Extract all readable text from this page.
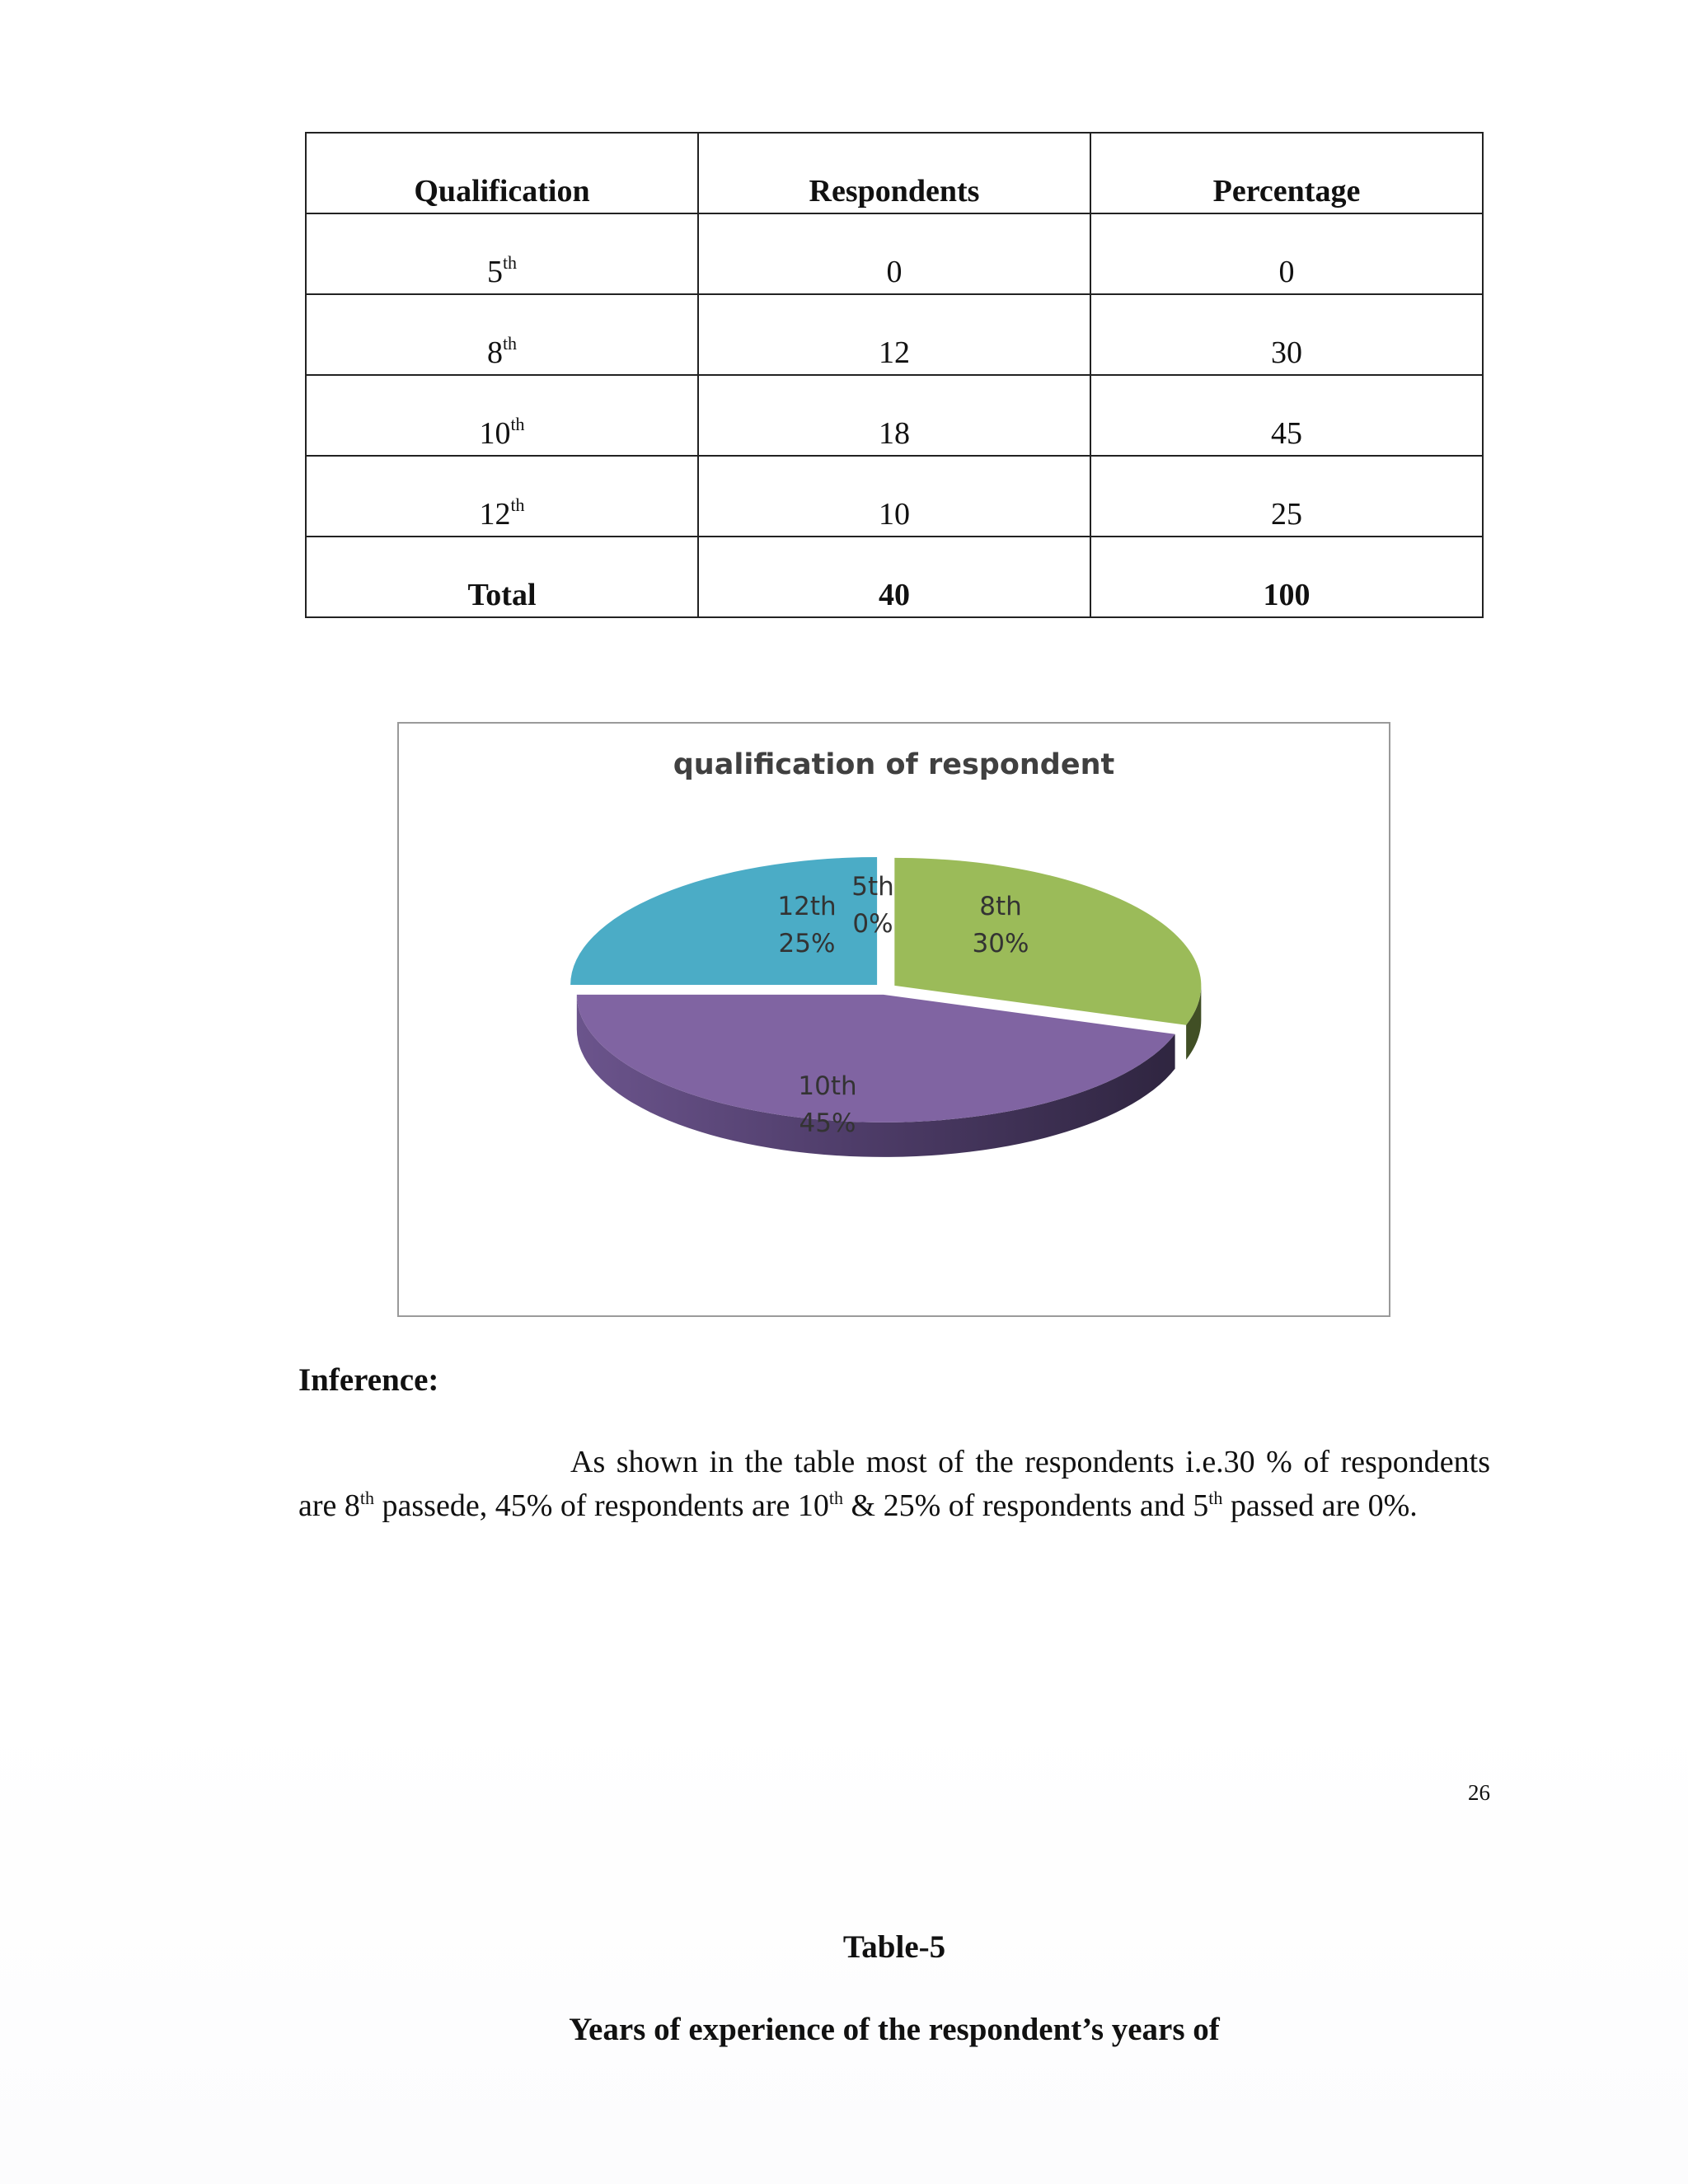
Qualification	Respondents	Percentage
5th	0	0
8th	12	30
10th	18	45
12th	10	25
Total	40	100
qualification of respondent
5th
0%
8th
30%
10th
45%
12th
25%
Inference:
As shown in the table most of the respondents i.e.30 % of respondents are 8th passede, 45% of respondents are 10th & 25% of respondents and 5th passed are 0%.
26
Table-5
Years of experience of the respondent’s years of
